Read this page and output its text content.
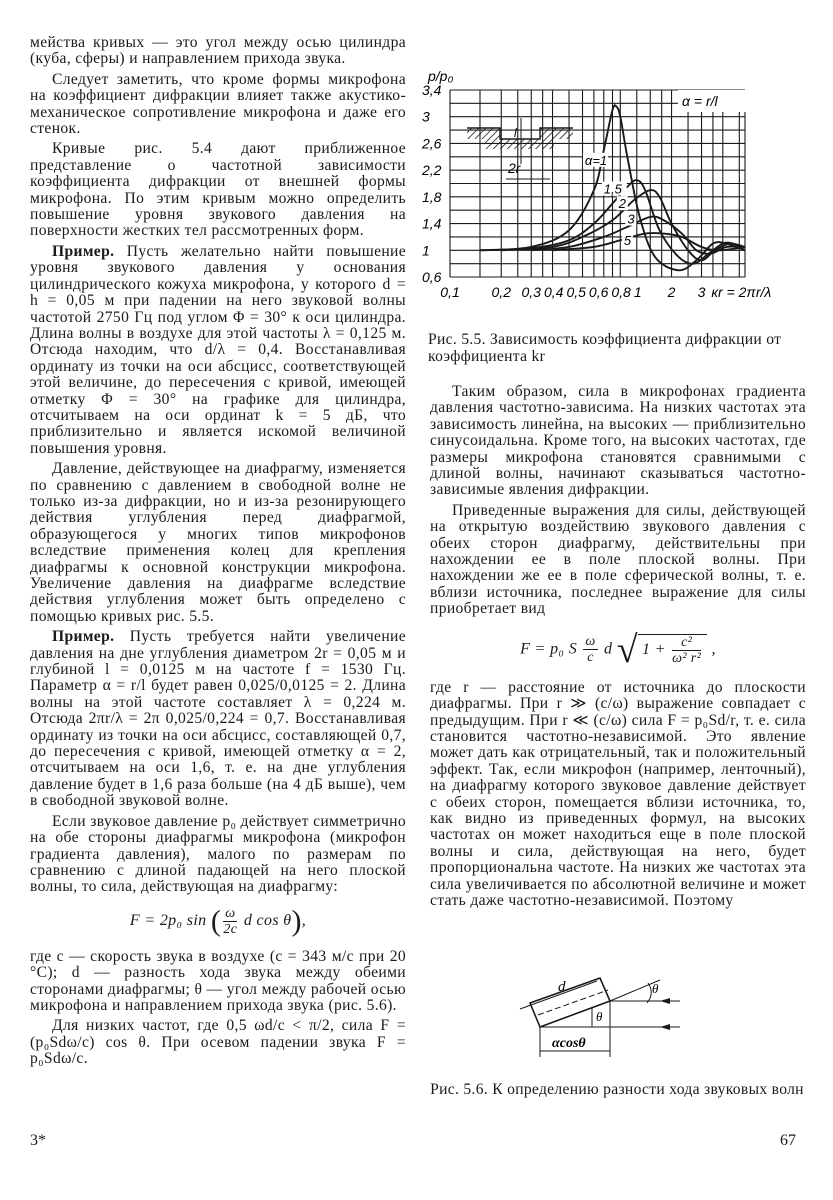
мейства кривых — это угол между осью цилиндра (куба, сферы) и направлением прихода звука.

Следует заметить, что кроме формы микрофона на коэффициент дифракции влияет также акустико-механическое сопротивление микрофона и даже его стенок.

Кривые рис. 5.4 дают приближенное представление о частотной зависимости коэффициента дифракции от внешней формы микрофона. По этим кривым можно определить повышение уровня звукового давления на поверхности жестких тел рассмотренных форм.

Пример. Пусть желательно найти повышение уровня звукового давления у основания цилиндрического кожуха микрофона, у которого d = h = 0,05 м при падении на него звуковой волны частотой 2750 Гц под углом Φ = 30° к оси цилиндра. Длина волны в воздухе для этой частоты λ = 0,125 м. Отсюда находим, что d/λ = 0,4. Восстанавливая ординату из точки на оси абсцисс, соответствующей этой величине, до пересечения с кривой, имеющей отметку Φ = 30° на графике для цилиндра, отсчитываем на оси ординат k = 5 дБ, что приблизительно и является искомой величиной повышения уровня.

Давление, действующее на диафрагму, изменяется по сравнению с давлением в свободной волне не только из-за дифракции, но и из-за резонирующего действия углубления перед диафрагмой, образующегося у многих типов микрофонов вследствие применения колец для крепления диафрагмы к основной конструкции микрофона. Увеличение давления на диафрагме вследствие действия углубления может быть определено с помощью кривых рис. 5.5.

Пример. Пусть требуется найти увеличение давления на дне углубления диаметром 2r = 0,05 м и глубиной l = 0,0125 м на частоте f = 1530 Гц. Параметр α = r/l будет равен 0,025/0,0125 = 2. Длина волны на этой частоте составляет λ = 0,224 м. Отсюда 2πr/λ = 2π 0,025/0,224 = 0,7. Восстанавливая ординату из точки на оси абсцисс, составляющей 0,7, до пересечения с кривой, имеющей отметку α = 2, отсчитываем на оси 1,6, т. е. на дне углубления давление будет в 1,6 раза больше (на 4 дБ выше), чем в свободной звуковой волне.

Если звуковое давление p₀ действует симметрично на обе стороны диафрагмы микрофона (микрофон градиента давления), малого по размерам по сравнению с длиной падающей на него плоской волны, то сила, действующая на диафрагму:

F = 2p₀ sin ( $\frac{\omega}{2c}$ d cos θ),

где c — скорость звука в воздухе (c = 343 м/с при 20 °C); d — разность хода звука между обеими сторонами диафрагмы; θ — угол между рабочей осью микрофона и направлением прихода звука (рис. 5.6).

Для низких частот, где 0,5 ωd/c < π/2, сила F = (p₀Sdω/c) cos θ. При осевом падении звука F = p₀Sdω/c.

l
2r
0,6
1
1,4
1,8
2,2
2,6
3
3,4
0,1 0,2 0,3 0,4 0,5 0,6 0,8 1 2 3 кr = 2πr/λ
p/p₀
α=1
1,5
2
3
5
α = r/l
Рис. 5.5. Зависимость коэффициента дифракции от коэффициента kr

Таким образом, сила в микрофонах градиента давления частотно-зависима. На низких частотах эта зависимость линейна, на высоких — приблизительно синусоидальна. Кроме того, на высоких частотах, где размеры микрофона становятся сравнимыми с длиной волны, начинают сказываться частотно-зависимые явления дифракции.

Приведенные выражения для силы, действующей на открытую воздействию звукового давления с обеих сторон диафрагму, действительны при нахождении ее в поле плоской волны. При нахождении же ее в поле сферической волны, т. е. вблизи источника, последнее выражение для силы приобретает вид

F = p₀ S $\frac{\omega}{c}$ d √ $1 + \frac{\text{c²}}{\text{ω² r²}}$ ,

где r — расстояние от источника до плоскости диафрагмы. При r ≫ (c/ω) выражение совпадает с предыдущим. При r ≪ (c/ω) сила F = p₀Sd/r, т. е. сила становится частотно-независимой. Это явление может дать как отрицательный, так и положительный эффект. Так, если микрофон (например, ленточный), на диафрагму которого звуковое давление действует с обеих сторон, помещается вблизи источника, то, как видно из приведенных формул, на высоких частотах он может находиться еще в поле плоской волны и сила, действующая на него, будет пропорциональна частоте. На низких же частотах эта сила увеличивается по абсолютной величине и может стать даже частотно-независимой. Поэтому

d	θ
θ
αcosθ
Рис. 5.6. К определению разности хода звуковых волн
3*	67
